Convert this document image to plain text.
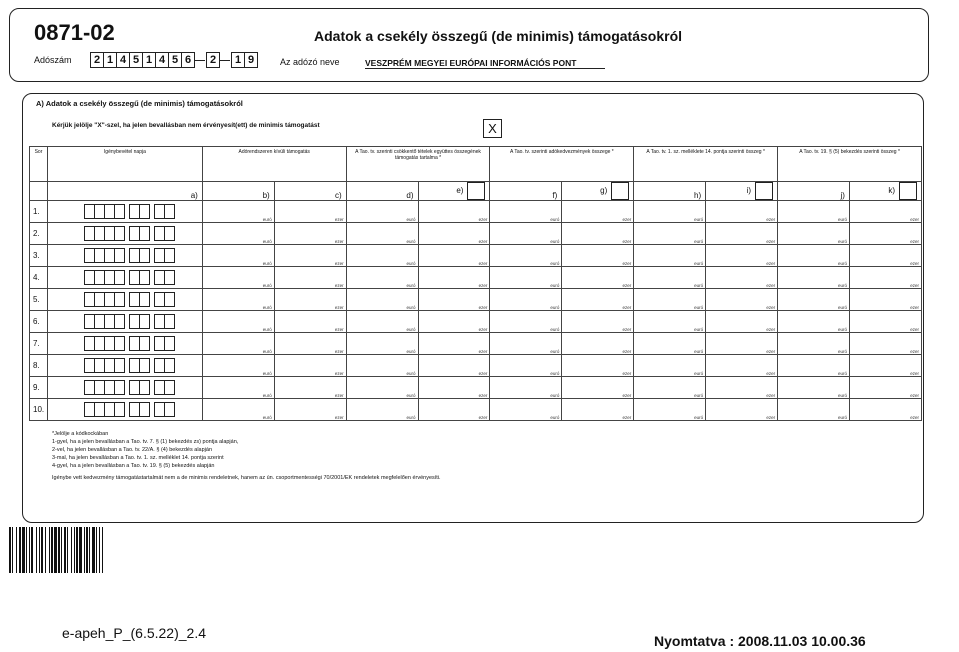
0871-02	Adatok a csekély összegű (de minimis) támogatásokról
Adószám	2 1 4 5 1 4 5 6	2	1 9	Az adózó neve	VESZPRÉM MEGYEI EURÓPAI INFORMÁCIÓS PONT
A) Adatok a csekély összegű (de minimis) támogatásokról
Kérjük jelölje "X"-szel, ha jelen bevallásban nem érvényesít(ett) de minimis támogatást	X
Sor	Igénybevétel napja	Adórendszeren kívüli támogatás		A Tao. tv. szerinti csökkentő tételek együttes összegének támogatás tartalma *		A Tao. tv. szerinti adókedvezmények összege *		A Tao. tv. 1. sz. melléklete 14. pontja szerinti összeg *		A Tao. tv. 19. § (5) bekezdés szerinti összeg *	
	a)	b)	c)	d)	e)	f)	g)	h)	i)	j)	k)
1.		euró	ezer	euró	ezer	euró	ezer	euró	ezer	euró	ezer
2.		euró	ezer	euró	ezer	euró	ezer	euró	ezer	euró	ezer
3.		euró	ezer	euró	ezer	euró	ezer	euró	ezer	euró	ezer
4.		euró	ezer	euró	ezer	euró	ezer	euró	ezer	euró	ezer
5.		euró	ezer	euró	ezer	euró	ezer	euró	ezer	euró	ezer
6.		euró	ezer	euró	ezer	euró	ezer	euró	ezer	euró	ezer
7.		euró	ezer	euró	ezer	euró	ezer	euró	ezer	euró	ezer
8.		euró	ezer	euró	ezer	euró	ezer	euró	ezer	euró	ezer
9.		euró	ezer	euró	ezer	euró	ezer	euró	ezer	euró	ezer
10.		euró	ezer	euró	ezer	euró	ezer	euró	ezer	euró	ezer
*Jelölje a kódkockában
1-gyel, ha a jelen bevallásban a Tao. tv. 7. § (1) bekezdés zs) pontja alapján,
2-vel, ha jelen bevallásban a Tao. tv. 22/A. § (4) bekezdés alapján
3-mal, ha jelen bevallásban a Tao. tv. 1. sz. melléklet 14. pontja szerint
4-gyel, ha a jelen bevallásban a Tao. tv. 19. § (5) bekezdés alapján
Igénybe vett kedvezmény támogatástartalmát nem a de minimis rendeletnek, hanem az ún. csoportmentességi 70/2001/EK rendeletek megfelelően érvényesíti.
e-apeh_P_(6.5.22)_2.4	Nyomtatva : 2008.11.03 10.00.36
